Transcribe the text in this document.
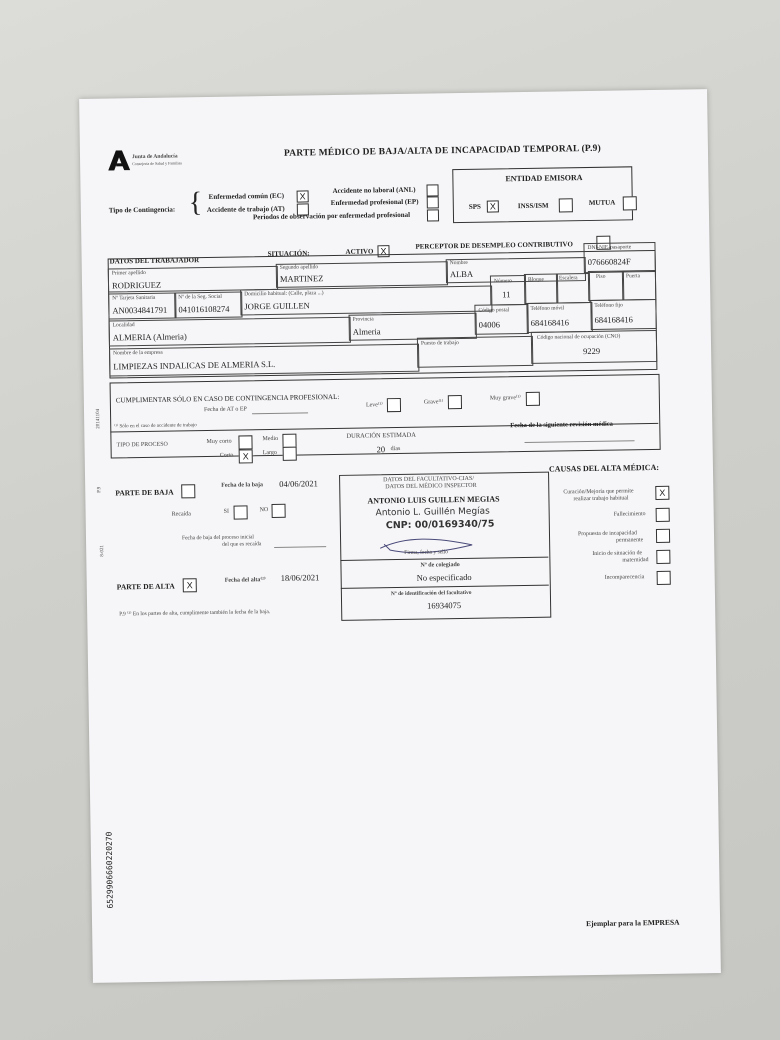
Junta de Andalucía
Consejería de Salud y Familias
PARTE MÉDICO DE BAJA/ALTA DE INCAPACIDAD TEMPORAL (P.9)
Tipo de Contingencia: { Enfermedad común (EC)	X
Accidente de trabajo (AT)
Accidente no laboral (ANL)
Enfermedad profesional (EP)
Periodos de observación por enfermedad profesional
ENTIDAD EMISORA
SPS X	INSS/ISM	MUTUA
DATOS DEL TRABAJADOR
SITUACIÓN:	ACTIVO X
PERCEPTOR DE DESEMPLEO CONTRIBUTIVO
Primer apellido
RODRIGUEZ
Segundo apellido
MARTINEZ
Nombre
ALBA
DNI-NIE-pasaporte
076660824F
Nº Tarjeta Sanitaria
AN0034841791
Nº de la Seg. Social
041016108274
Domicilio habitual: (Calle, plaza ...)
JORGE GUILLEN
Número
11
Bloque	Escalera	Piso	Puerta
Localidad
ALMERIA (Almeria)
Provincia
Almeria
Código postal
04006
Teléfono móvil
684168416
Teléfono fijo
684168416
Nombre de la empresa
LIMPIEZAS INDALICAS DE ALMERIA S.L.
Puesto de trabajo
Código nacional de ocupación (CNO)
9229
CUMPLIMENTAR SÓLO EN CASO DE CONTINGENCIA PROFESIONAL:
Fecha de AT o EP
Leve⁽¹⁾	Grave⁽¹⁾
Muy grave⁽¹⁾
⁽¹⁾ Sólo en el caso de accidente de trabajo
20141104
TIPO DE PROCESO	Muy corto
Corto	X
Medio
Largo
DURACIÓN ESTIMADA
20 días
Fecha de la siguiente revisión médica
P.9
8-021
PARTE DE BAJA
Fecha de la baja 04/06/2021
Recaída	SI	NO
Fecha de baja del proceso inicial
del que es recaída
PARTE DE ALTA	X	Fecha del alta⁽²⁾ 18/06/2021
P.9 ⁽²⁾ En los partes de alta, cumplimente también la fecha de la baja.
DATOS DEL FACULTATIVO-CIAS/
DATOS DEL MÉDICO INSPECTOR
ANTONIO LUIS GUILLEN MEGIAS
Antonio L. Guillén Megías
CNP: 00/0169340/75
Firma, fecha y sello
Nº de colegiado
No especificado
Nº de identificación del facultativo
16934075
CAUSAS DEL ALTA MÉDICA:
Curación/Mejoría que permite
realizar trabajo habitual
X
Fallecimiento
Propuesta de incapacidad
permanente
Inicio de situación de
maternidad
Incomparecencia
6529906660220270
Ejemplar para la EMPRESA
